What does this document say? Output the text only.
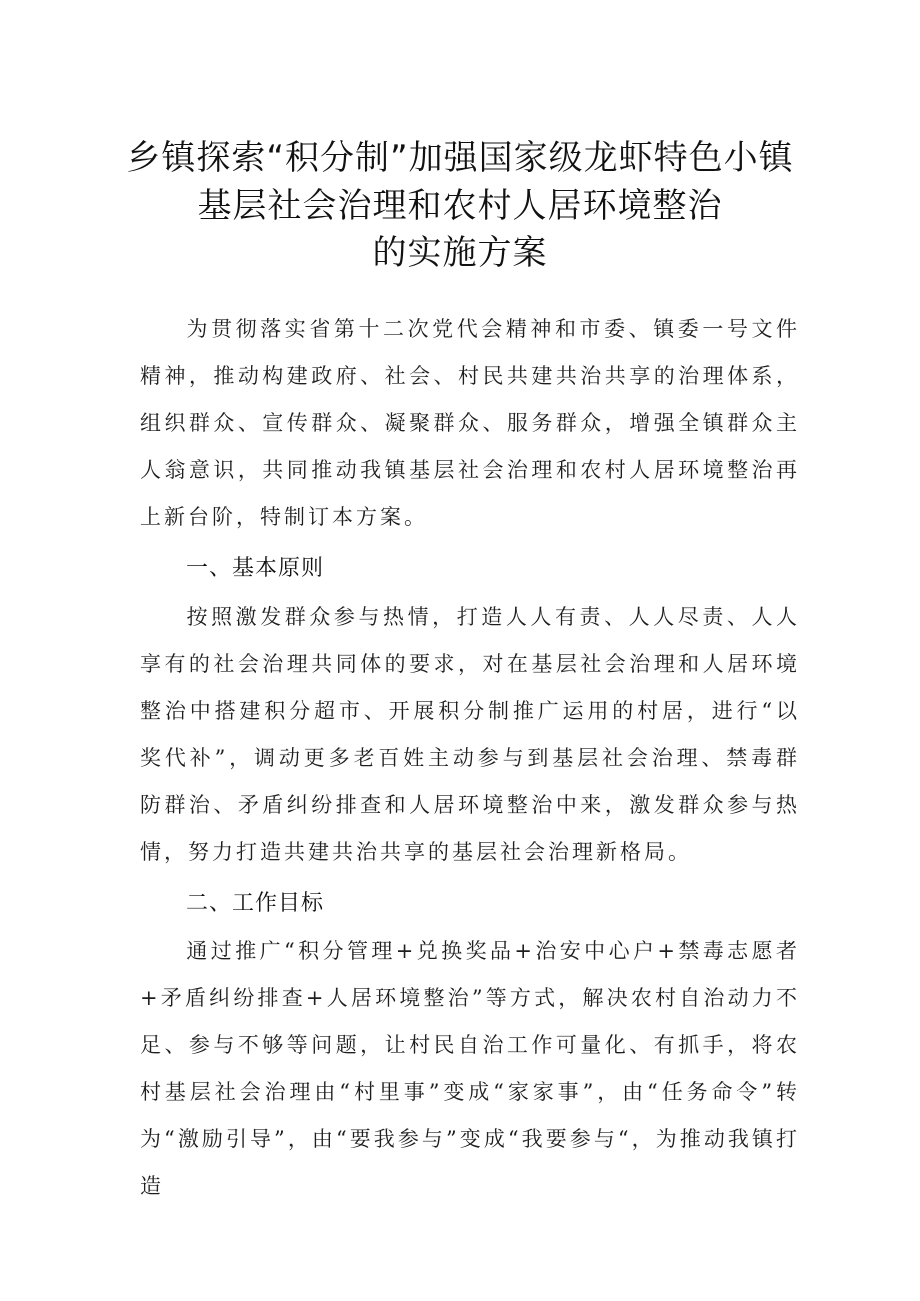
乡镇探索“积分制”加强国家级龙虾特色小镇
基层社会治理和农村人居环境整治
的实施方案
为贯彻落实省第十二次党代会精神和市委、镇委一号文件精神，推动构建政府、社会、村民共建共治共享的治理体系，组织群众、宣传群众、凝聚群众、服务群众，增强全镇群众主人翁意识，共同推动我镇基层社会治理和农村人居环境整治再上新台阶，特制订本方案。
一、基本原则
按照激发群众参与热情，打造人人有责、人人尽责、人人享有的社会治理共同体的要求，对在基层社会治理和人居环境整治中搭建积分超市、开展积分制推广运用的村居，进行“以奖代补”，调动更多老百姓主动参与到基层社会治理、禁毒群防群治、矛盾纠纷排查和人居环境整治中来，激发群众参与热情，努力打造共建共治共享的基层社会治理新格局。
二、工作目标
通过推广“积分管理+兑换奖品+治安中心户+禁毒志愿者+矛盾纠纷排查+人居环境整治”等方式，解决农村自治动力不足、参与不够等问题，让村民自治工作可量化、有抓手，将农村基层社会治理由“村里事”变成“家家事”，由“任务命令”转为“激励引导”，由“要我参与”变成“我要参与“，为推动我镇打造
